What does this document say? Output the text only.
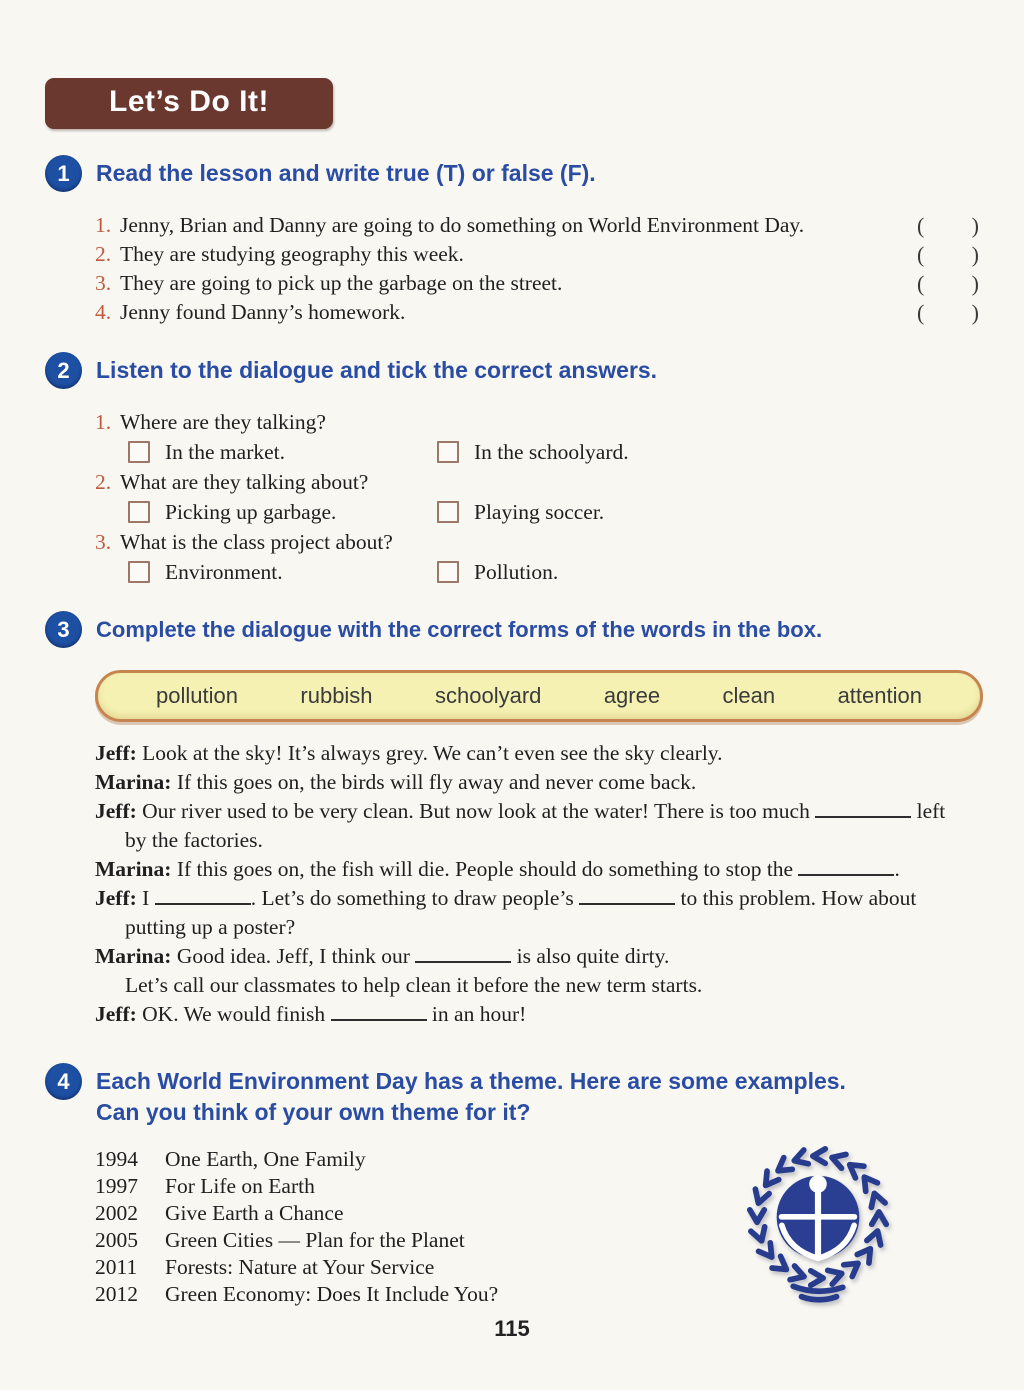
Let’s Do It!
1	Read the lesson and write true (T) or false (F).
1. Jenny, Brian and Danny are going to do something on World Environment Day.	( )
2. They are studying geography this week.	( )
3. They are going to pick up the garbage on the street.	( )
4. Jenny found Danny’s homework.	( )
2	Listen to the dialogue and tick the correct answers.
1. Where are they talking?
In the market.	In the schoolyard.
2. What are they talking about?
Picking up garbage.	Playing soccer.
3. What is the class project about?
Environment.	Pollution.
3	Complete the dialogue with the correct forms of the words in the box.
pollution	rubbish	schoolyard	agree	clean	attention

Jeff: Look at the sky! It’s always grey. We can’t even see the sky clearly.

Marina: If this goes on, the birds will fly away and never come back.

Jeff: Our river used to be very clean. But now look at the water! There is too much	left by the factories.

Marina: If this goes on, the fish will die. People should do something to stop the	.

Jeff: I	. Let’s do something to draw people’s	to this problem. How about putting up a poster?

Marina: Good idea. Jeff, I think our	is also quite dirty.
Let’s call our classmates to help clean it before the new term starts.

Jeff: OK. We would finish	in an hour!

4	Each World Environment Day has a theme. Here are some examples. Can you think of your own theme for it?
1994	One Earth, One Family
1997	For Life on Earth
2002	Give Earth a Chance
2005	Green Cities — Plan for the Planet
2011	Forests: Nature at Your Service
2012	Green Economy: Does It Include You?
115
